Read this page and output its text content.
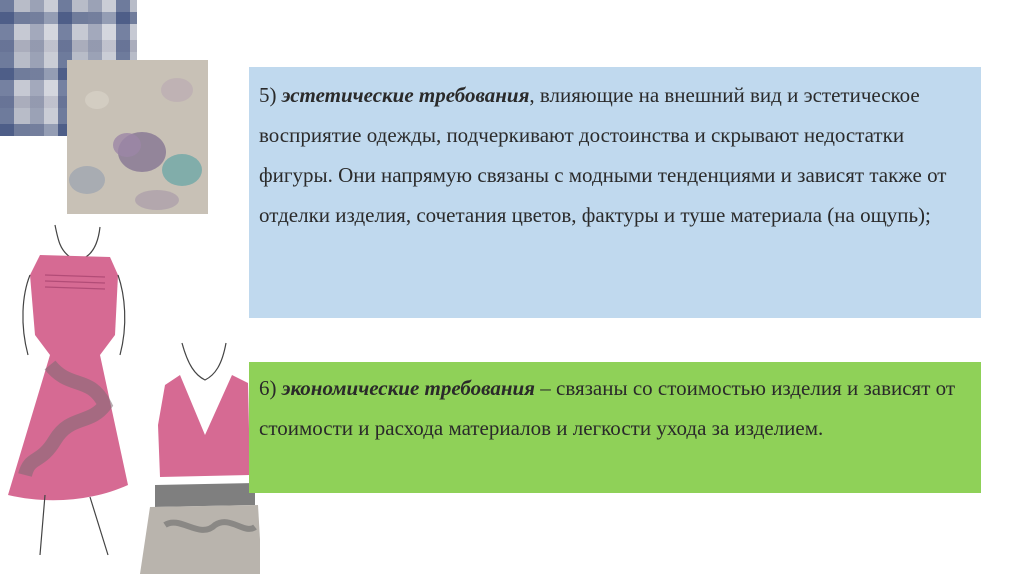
5) эстетические требования, влияющие на внешний вид и эстетическое восприятие одежды, подчеркивают достоинства и скрывают недостатки фигуры. Они напрямую связаны с модными тенденциями и зависят также от отделки изделия, сочетания цветов, фактуры и туше материала (на ощупь);
6) экономические требования – связаны со стоимостью изделия и зависят от стоимости и расхода материалов и легкости ухода за изделием.
